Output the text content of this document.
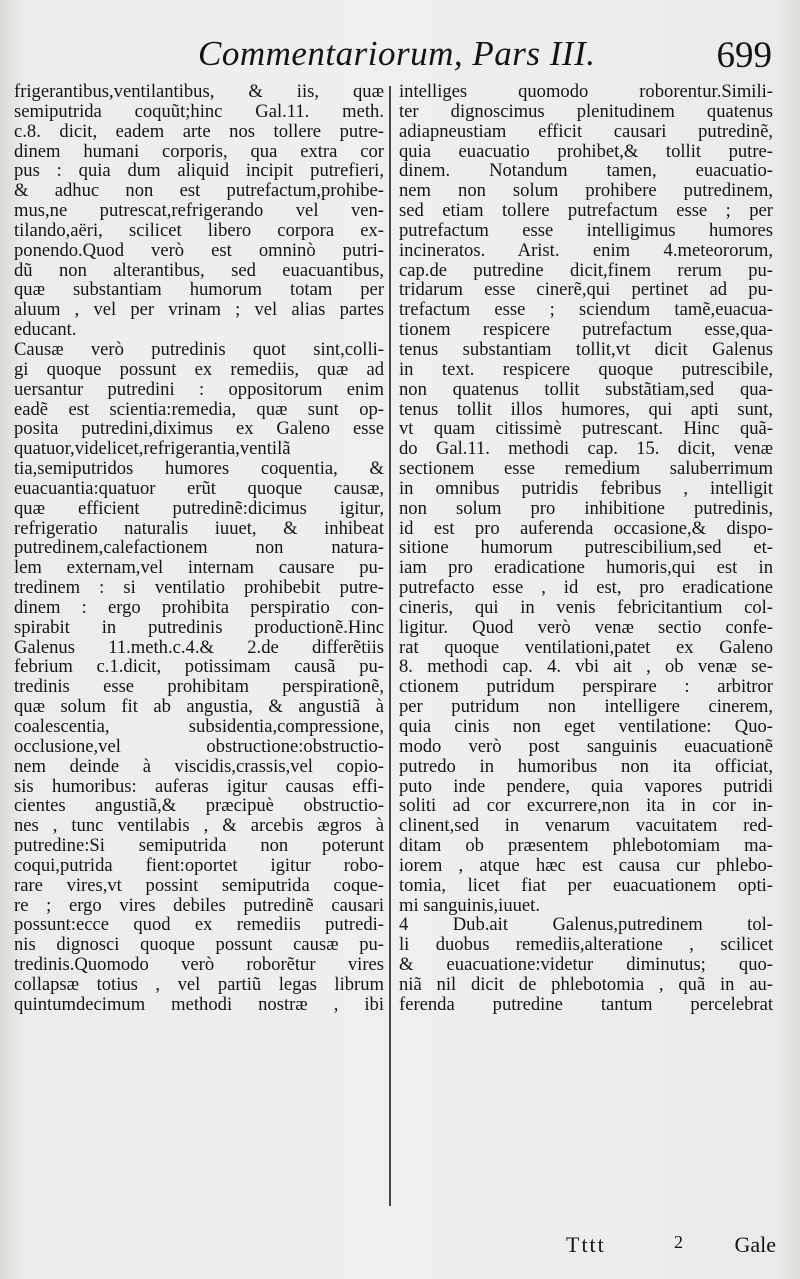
Commentariorum, Pars III.	699
frigerantibus,ventilantibus, & iis, quæ
semiputrida coquũt;hinc Gal.11. meth.
c.8. dicit, eadem arte nos tollere putre-
dinem humani corporis, qua extra cor
pus : quia dum aliquid incipit putrefieri,
& adhuc non est putrefactum,prohibe-
mus,ne putrescat,refrigerando vel ven-
tilando,aëri, scilicet libero corpora ex-
ponendo.Quod verò est omninò putri-
dũ non alterantibus, sed euacuantibus,
quæ substantiam humorum totam per
aluum , vel per vrinam ; vel alias partes
educant.
Causæ verò putredinis quot sint,colli-
gi quoque possunt ex remediis, quæ ad
uersantur putredini : oppositorum enim
eadẽ est scientia:remedia, quæ sunt op-
posita putredini,diximus ex Galeno esse
quatuor,videlicet,refrigerantia,ventilã
tia,semiputridos humores coquentia, &
euacuantia:quatuor erũt quoque causæ,
quæ efficient putredinẽ:dicimus igitur,
refrigeratio naturalis iuuet, & inhibeat
putredinem,calefactionem non natura-
lem externam,vel internam causare pu-
tredinem : si ventilatio prohibebit putre-
dinem : ergo prohibita perspiratio con-
spirabit in putredinis productionẽ.Hinc
Galenus 11.meth.c.4.& 2.de differẽtiis
febrium c.1.dicit, potissimam causã pu-
tredinis esse prohibitam perspirationẽ,
quæ solum fit ab angustia, & angustiã à
coalescentia, subsidentia,compressione,
occlusione,vel obstructione:obstructio-
nem deinde à viscidis,crassis,vel copio-
sis humoribus: auferas igitur causas effi-
cientes angustiã,& præcipuè obstructio-
nes , tunc ventilabis , & arcebis ægros à
putredine:Si semiputrida non poterunt
coqui,putrida fient:oportet igitur robo-
rare vires,vt possint semiputrida coque-
re ; ergo vires debiles putredinẽ causari
possunt:ecce quod ex remediis putredi-
nis dignosci quoque possunt causæ pu-
tredinis.Quomodo verò roborẽtur vires
collapsæ totius , vel partiũ legas librum
quintumdecimum methodi nostræ , ibi
intelliges quomodo roborentur.Simili-
ter dignoscimus plenitudinem quatenus
adiapneustiam efficit causari putredinẽ,
quia euacuatio prohibet,& tollit putre-
dinem. Notandum tamen, euacuatio-
nem non solum prohibere putredinem,
sed etiam tollere putrefactum esse ; per
putrefactum esse intelligimus humores
incineratos. Arist. enim 4.meteororum,
cap.de putredine dicit,finem rerum pu-
tridarum esse cinerẽ,qui pertinet ad pu-
trefactum esse ; sciendum tamẽ,euacua-
tionem respicere putrefactum esse,qua-
tenus substantiam tollit,vt dicit Galenus
in text. respicere quoque putrescibile,
non quatenus tollit substãtiam,sed qua-
tenus tollit illos humores, qui apti sunt,
vt quam citissimè putrescant. Hinc quã-
do Gal.11. methodi cap. 15. dicit, venæ
sectionem esse remedium saluberrimum
in omnibus putridis febribus , intelligit
non solum pro inhibitione putredinis,
id est pro auferenda occasione,& dispo-
sitione humorum putrescibilium,sed et-
iam pro eradicatione humoris,qui est in
putrefacto esse , id est, pro eradicatione
cineris, qui in venis febricitantium col-
ligitur. Quod verò venæ sectio confe-
rat quoque ventilationi,patet ex Galeno
8. methodi cap. 4. vbi ait , ob venæ se-
ctionem putridum perspirare : arbitror
per putridum non intelligere cinerem,
quia cinis non eget ventilatione: Quo-
modo verò post sanguinis euacuationẽ
putredo in humoribus non ita officiat,
puto inde pendere, quia vapores putridi
soliti ad cor excurrere,non ita in cor in-
clinent,sed in venarum vacuitatem red-
ditam ob præsentem phlebotomiam ma-
iorem , atque hæc est causa cur phlebo-
tomia, licet fiat per euacuationem opti-
mi sanguinis,iuuet.
4 Dub.ait Galenus,putredinem tol-
li duobus remediis,alteratione , scilicet
& euacuatione:videtur diminutus; quo-
niã nil dicit de phlebotomia , quã in au-
ferenda putredine tantum percelebrat
Tttt	2 Gale
